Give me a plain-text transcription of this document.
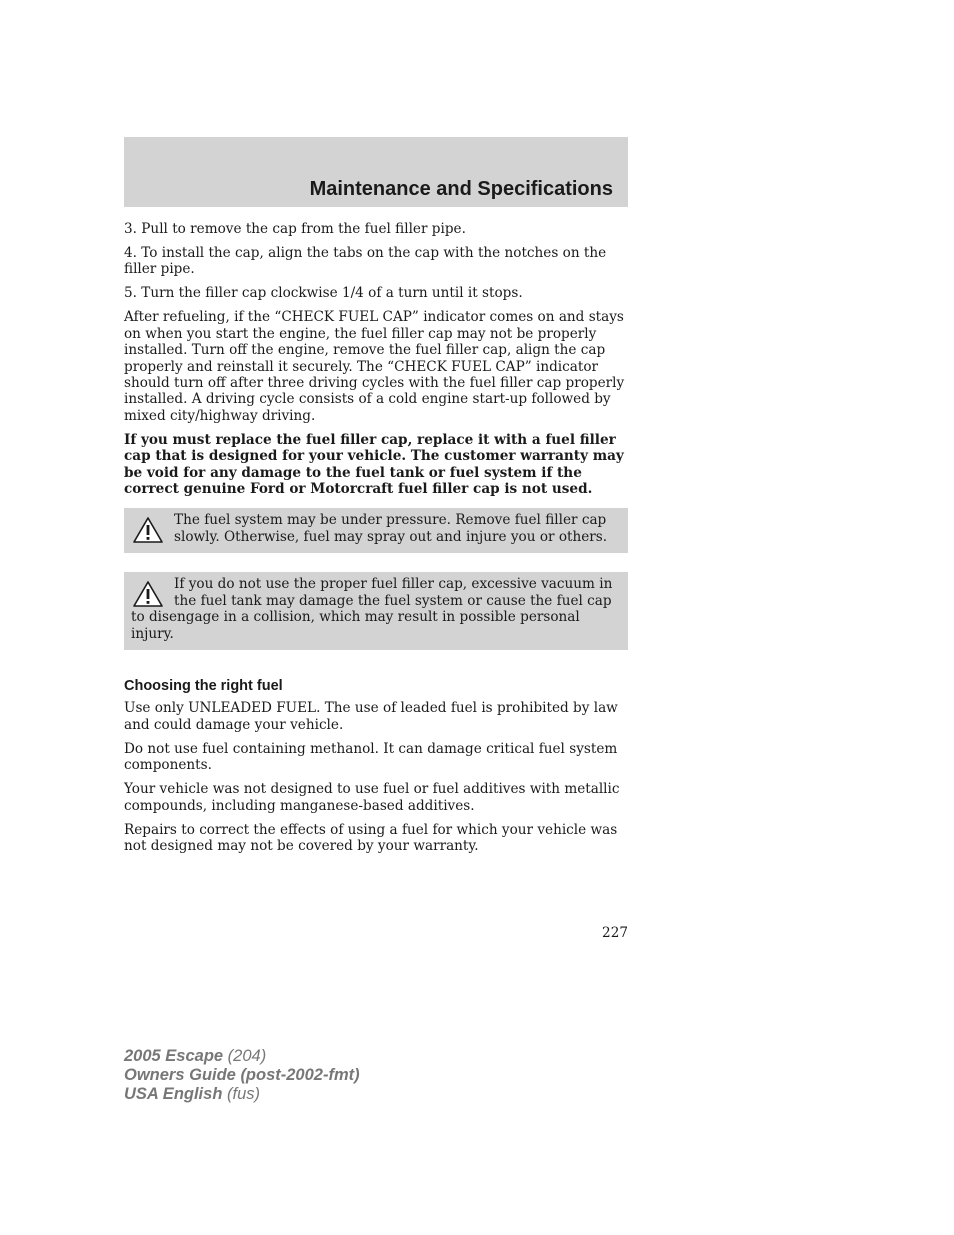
Maintenance and Specifications

3. Pull to remove the cap from the fuel filler pipe.

4. To install the cap, align the tabs on the cap with the notches on the filler pipe.

5. Turn the filler cap clockwise 1/4 of a turn until it stops.

After refueling, if the “CHECK FUEL CAP” indicator comes on and stays on when you start the engine, the fuel filler cap may not be properly installed. Turn off the engine, remove the fuel filler cap, align the cap properly and reinstall it securely. The “CHECK FUEL CAP” indicator should turn off after three driving cycles with the fuel filler cap properly installed. A driving cycle consists of a cold engine start-up followed by mixed city/highway driving.

If you must replace the fuel filler cap, replace it with a fuel filler cap that is designed for your vehicle. The customer warranty may be void for any damage to the fuel tank or fuel system if the correct genuine Ford or Motorcraft fuel filler cap is not used.

The fuel system may be under pressure. Remove fuel filler cap slowly. Otherwise, fuel may spray out and injure you or others.
If you do not use the proper fuel filler cap, excessive vacuum in the fuel tank may damage the fuel system or cause the fuel cap to disengage in a collision, which may result in possible personal injury.
Choosing the right fuel

Use only UNLEADED FUEL. The use of leaded fuel is prohibited by law and could damage your vehicle.

Do not use fuel containing methanol. It can damage critical fuel system components.

Your vehicle was not designed to use fuel or fuel additives with metallic compounds, including manganese-based additives.

Repairs to correct the effects of using a fuel for which your vehicle was not designed may not be covered by your warranty.

227
2005 Escape (204)
Owners Guide (post-2002-fmt)
USA English (fus)
